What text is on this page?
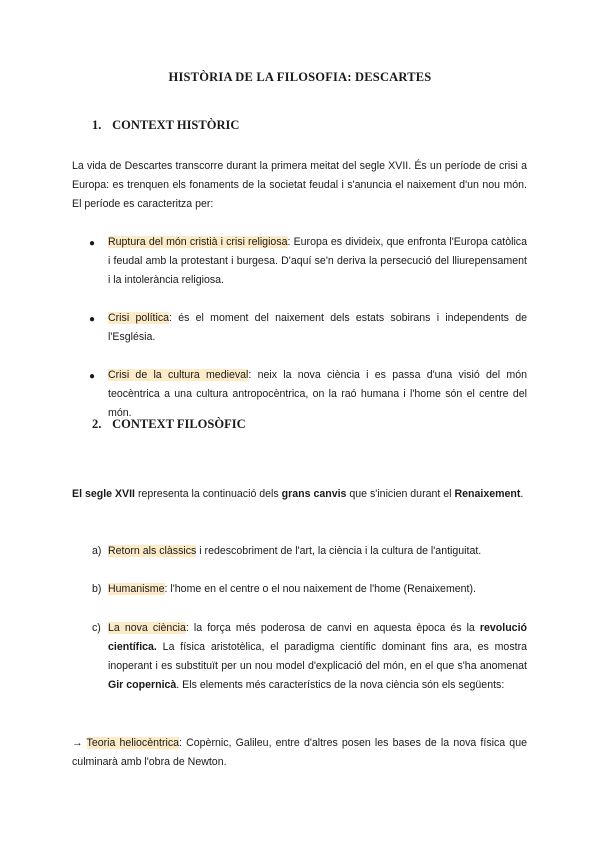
HISTÒRIA DE LA FILOSOFIA: DESCARTES
1. CONTEXT HISTÒRIC

La vida de Descartes transcorre durant la primera meitat del segle XVII. És un període de crisi a Europa: es trenquen els fonaments de la societat feudal i s'anuncia el naixement d'un nou món. El període es caracteritza per:

● Ruptura del món cristià i crisi religiosa: Europa es divideix, que enfronta l'Europa catòlica i feudal amb la protestant i burgesa. D'aquí se'n deriva la persecució del lliurepensament i la intolerància religiosa.

● Crisi política: és el moment del naixement dels estats sobirans i independents de l'Església.

● Crisi de la cultura medieval: neix la nova ciència i es passa d'una visió del món teocèntrica a una cultura antropocèntrica, on la raó humana i l'home són el centre del món.

2. CONTEXT FILOSÒFIC

El segle XVII representa la continuació dels grans canvis que s'inicien durant el Renaixement.

a) Retorn als clàssics i redescobriment de l'art, la ciència i la cultura de l'antiguitat.

b) Humanisme: l'home en el centre o el nou naixement de l'home (Renaixement).

c) La nova ciència: la força més poderosa de canvi en aquesta època és la revolució científica. La física aristotèlica, el paradigma científic dominant fins ara, es mostra inoperant i es substituït per un nou model d'explicació del món, en el que s'ha anomenat Gir copernicà. Els elements més característics de la nova ciència són els següents:

→ Teoria heliocèntrica: Copèrnic, Galileu, entre d'altres posen les bases de la nova física que culminarà amb l'obra de Newton.
